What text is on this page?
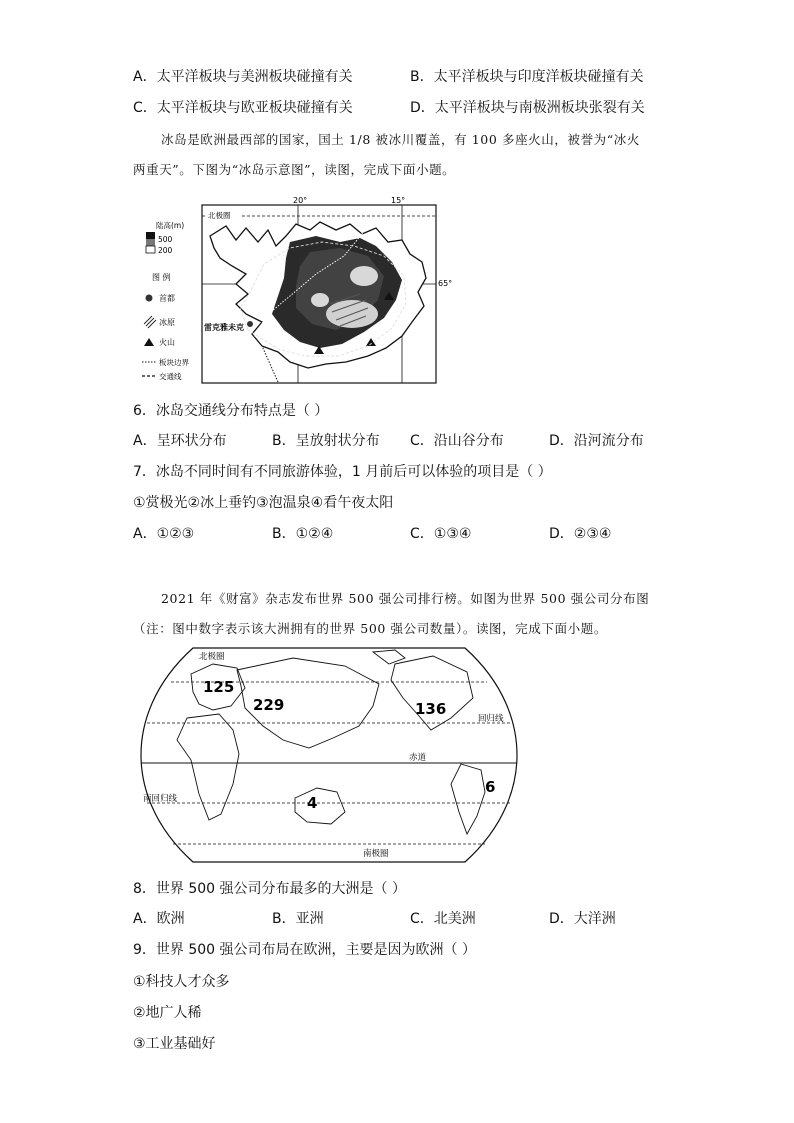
A．太平洋板块与美洲板块碰撞有关	B．太平洋板块与印度洋板块碰撞有关
C．太平洋板块与欧亚板块碰撞有关	D．太平洋板块与南极洲板块张裂有关
冰岛是欧洲最西部的国家，国土 1/8 被冰川覆盖，有 100 多座火山，被誉为“冰火
两重天”。下图为“冰岛示意图”，读图，完成下面小题。
陆高(m)
500
200
图 例
首都
冰原
火山
板块边界
交通线
20°	15°
65°
北极圈
雷克雅未克
6．冰岛交通线分布特点是（ ）
A．呈环状分布	B．呈放射状分布 C．沿山谷分布	D．沿河流分布
7．冰岛不同时间有不同旅游体验，1 月前后可以体验的项目是（ ）
①赏极光②冰上垂钓③泡温泉④看午夜太阳
A．①②③	B．①②④	C．①③④	D．②③④
2021 年《财富》杂志发布世界 500 强公司排行榜。如图为世界 500 强公司分布图
（注：图中数字表示该大洲拥有的世界 500 强公司数量）。读图，完成下面小题。
北极圈
回归线
赤道
南回归线
南极圈
125
229	136
6
4
8．世界 500 强公司分布最多的大洲是（ ）
A．欧洲	B．亚洲	C．北美洲	D．大洋洲
9．世界 500 强公司布局在欧洲，主要是因为欧洲（ ）
①科技人才众多
②地广人稀
③工业基础好
